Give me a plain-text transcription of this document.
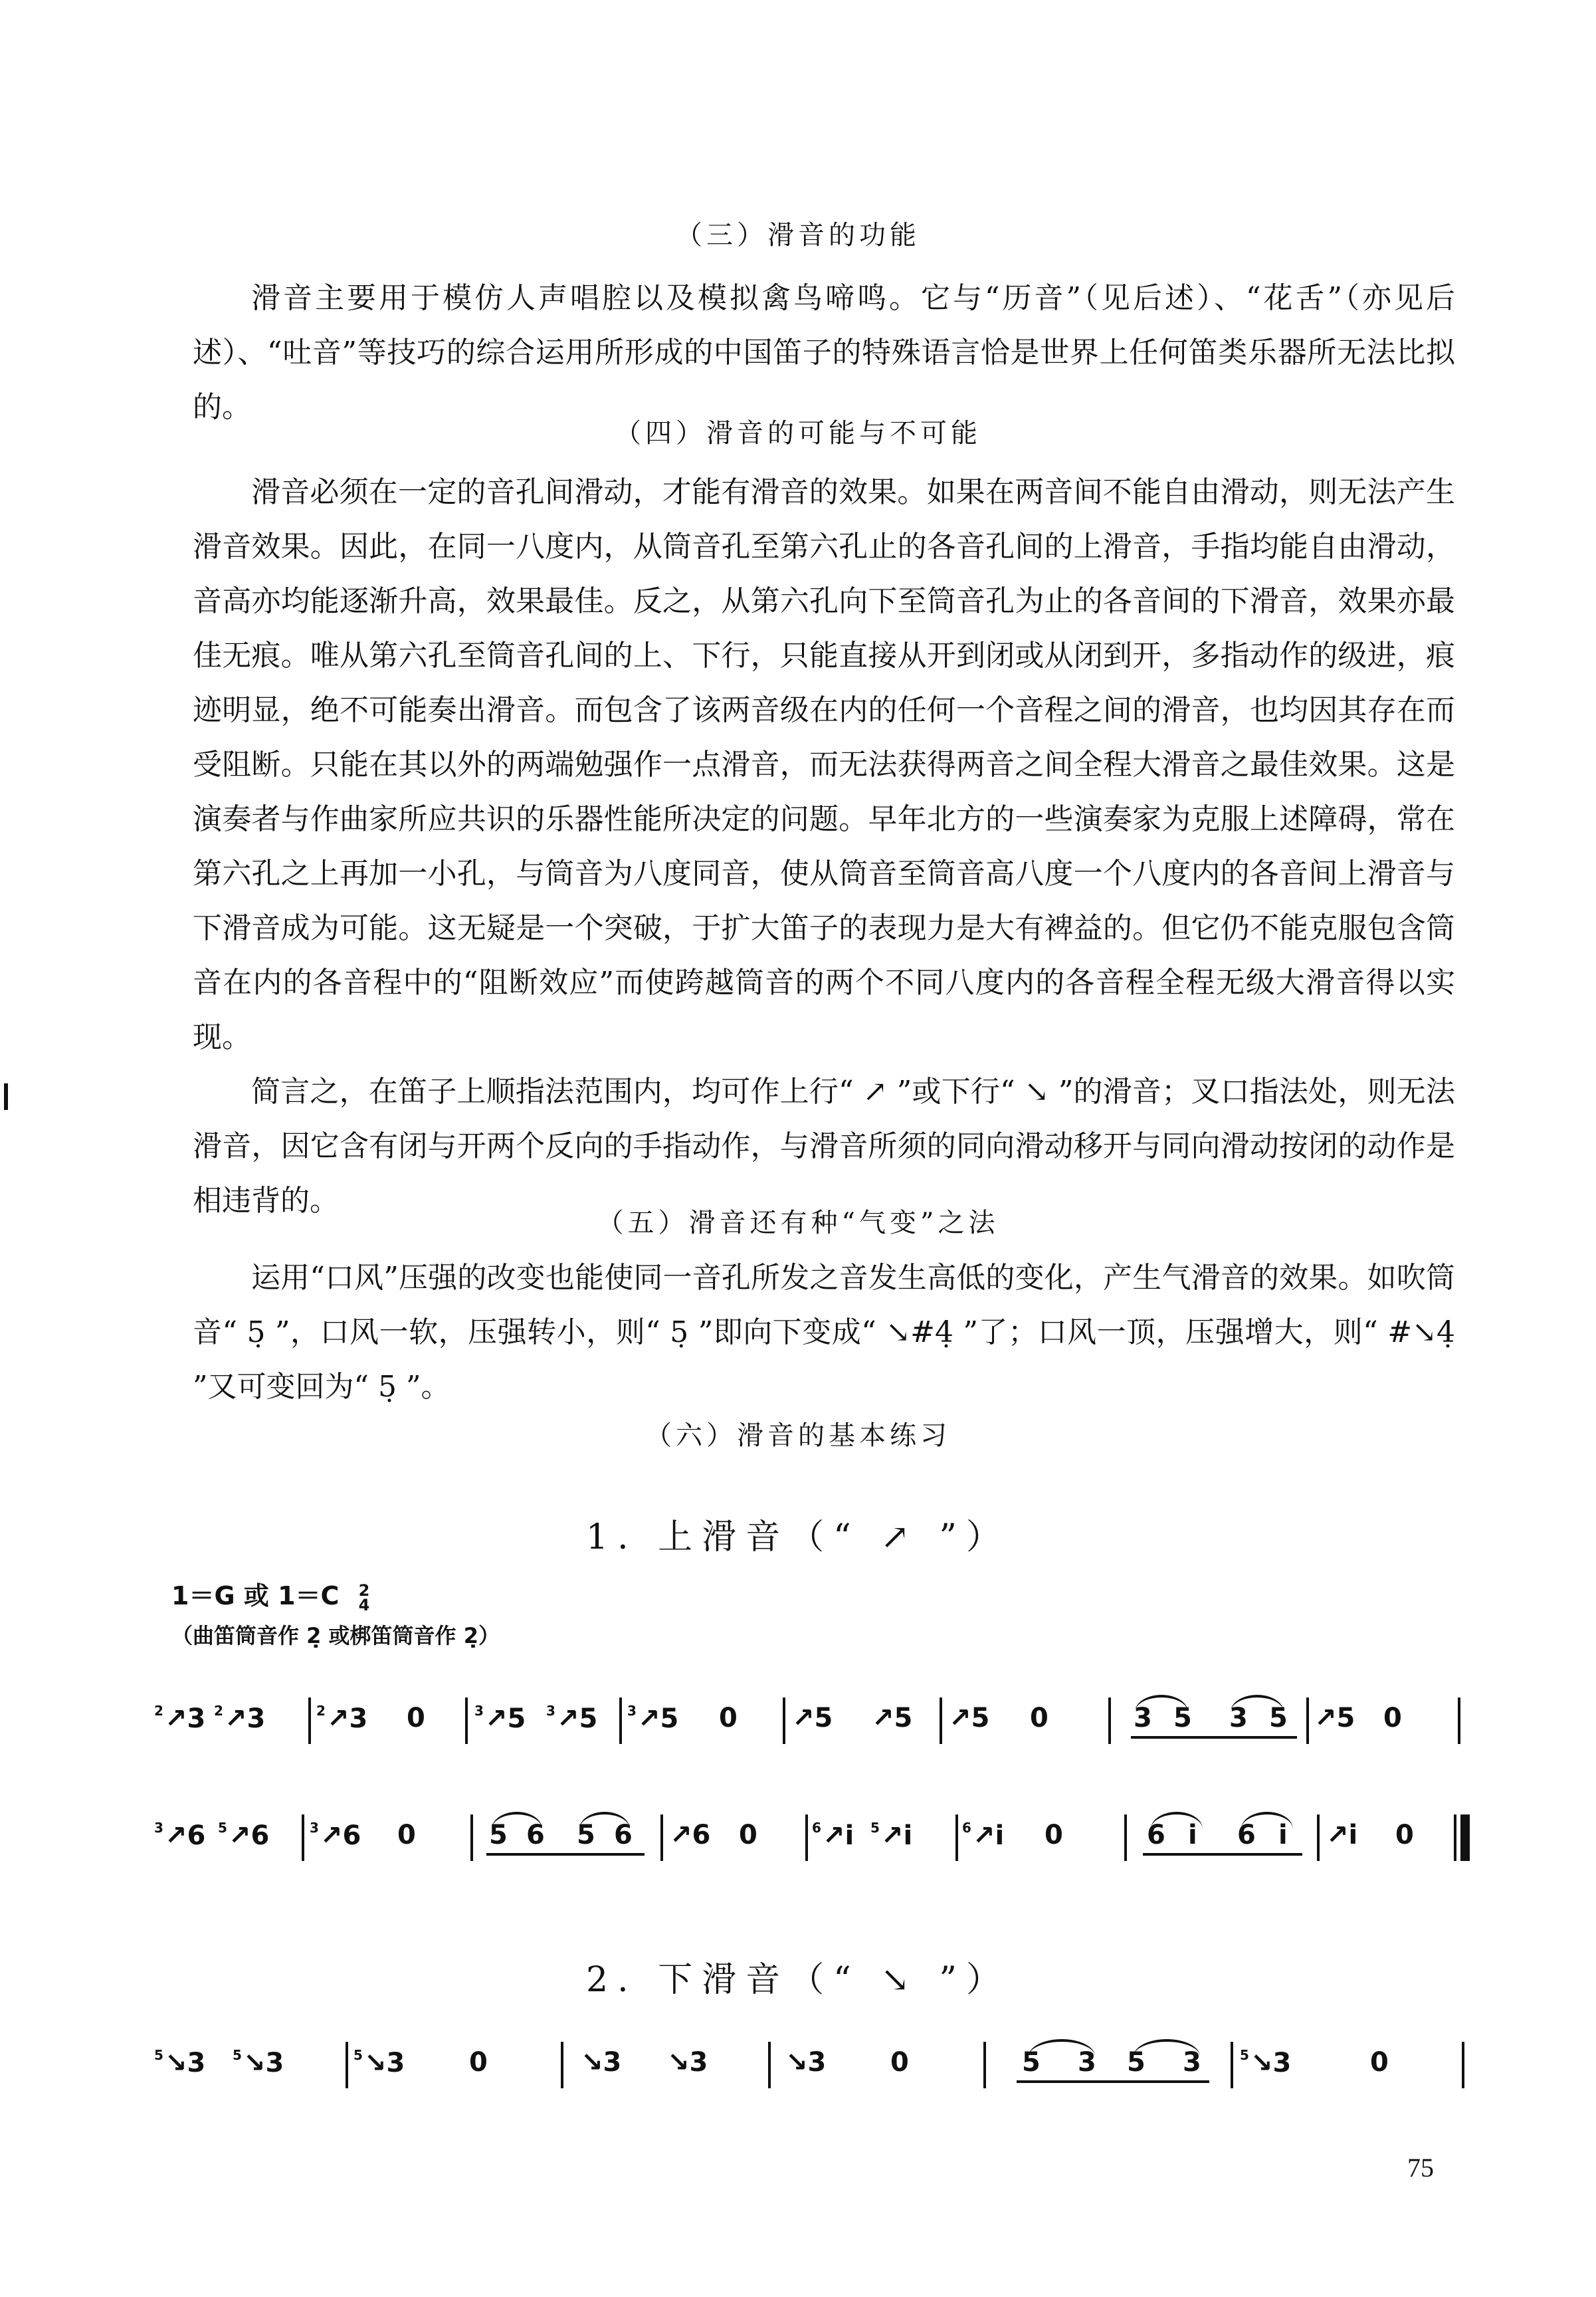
（三）滑音的功能

滑音主要用于模仿人声唱腔以及模拟禽鸟啼鸣。它与“历音”（见后述）、“花舌”（亦见后述）、“吐音”等技巧的综合运用所形成的中国笛子的特殊语言恰是世界上任何笛类乐器所无法比拟的。

（四）滑音的可能与不可能

滑音必须在一定的音孔间滑动，才能有滑音的效果。如果在两音间不能自由滑动，则无法产生滑音效果。因此，在同一八度内，从筒音孔至第六孔止的各音孔间的上滑音，手指均能自由滑动，音高亦均能逐渐升高，效果最佳。反之，从第六孔向下至筒音孔为止的各音间的下滑音，效果亦最佳无痕。唯从第六孔至筒音孔间的上、下行，只能直接从开到闭或从闭到开，多指动作的级进，痕迹明显，绝不可能奏出滑音。而包含了该两音级在内的任何一个音程之间的滑音，也均因其存在而受阻断。只能在其以外的两端勉强作一点滑音，而无法获得两音之间全程大滑音之最佳效果。这是演奏者与作曲家所应共识的乐器性能所决定的问题。早年北方的一些演奏家为克服上述障碍，常在第六孔之上再加一小孔，与筒音为八度同音，使从筒音至筒音高八度一个八度内的各音间上滑音与下滑音成为可能。这无疑是一个突破，于扩大笛子的表现力是大有裨益的。但它仍不能克服包含筒音在内的各音程中的“阻断效应”而使跨越筒音的两个不同八度内的各音程全程无级大滑音得以实现。

简言之，在笛子上顺指法范围内，均可作上行“ ↗ ”或下行“ ↘ ”的滑音；叉口指法处，则无法滑音，因它含有闭与开两个反向的手指动作，与滑音所须的同向滑动移开与同向滑动按闭的动作是相违背的。

（五）滑音还有种“气变”之法

运用“口风”压强的改变也能使同一音孔所发之音发生高低的变化，产生气滑音的效果。如吹筒音“ 5̣ ”，口风一软，压强转小，则“ 5̣ ”即向下变成“ ↘#4̣ ”了；口风一顶，压强增大，则“ #↘4̣ ”又可变回为“ 5̣ ”。

（六）滑音的基本练习
1. 上滑音（“ ↗ ”）
1＝G 或 1＝C 2
4
（曲笛筒音作 2̣ 或梆笛筒音作 2̣）
$^2$↗3 $^2$↗3	$^2$↗3 0	$^3$↗5 $^3$↗5 $^3$↗5 0 ↗5 ↗5 ↗5 0	3 5 3 5 ↗5 0
$^3$↗6 $^5$↗6	$^3$↗6 0	5 6 5 6 ↗6 0	$^6$↗i $^5$↗i	$^6$↗i 0	6 i 6 i ↗i 0
2. 下滑音（“ ↘ ”）
$^5$↘3 $^5$↘3	$^5$↘3 0	↘3 ↘3	↘3 0	5 3 5 3	$^5$↘3	0
75
